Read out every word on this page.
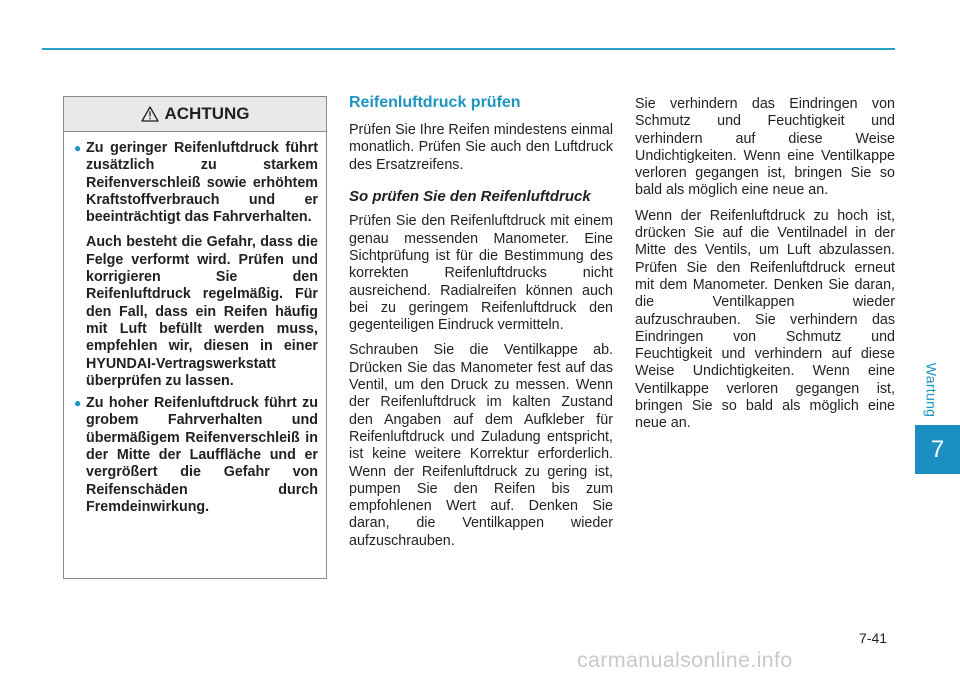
Wartung
7
ACHTUNG
● Zu geringer Reifenluftdruck führt zusätzlich zu starkem Reifenverschleiß sowie erhöhtem Kraftstoffverbrauch und er beeinträchtigt das Fahrverhalten.

Auch besteht die Gefahr, dass die Felge verformt wird. Prüfen und korrigieren Sie den Reifenluftdruck regelmäßig. Für den Fall, dass ein Reifen häufig mit Luft befüllt werden muss, empfehlen wir, diesen in einer HYUNDAI-Vertragswerkstatt überprüfen zu lassen.

● Zu hoher Reifenluftdruck führt zu grobem Fahrverhalten und übermäßigem Reifenverschleiß in der Mitte der Lauffläche und er vergrößert die Gefahr von Reifenschäden durch Fremdeinwirkung.

Reifenluftdruck prüfen

Prüfen Sie Ihre Reifen mindestens einmal monatlich. Prüfen Sie auch den Luftdruck des Ersatzreifens.

So prüfen Sie den Reifenluftdruck

Prüfen Sie den Reifenluftdruck mit einem genau messenden Manometer. Eine Sichtprüfung ist für die Bestimmung des korrekten Reifenluftdrucks nicht ausreichend. Radialreifen können auch bei zu geringem Reifenluftdruck den gegenteiligen Eindruck vermitteln.

Schrauben Sie die Ventilkappe ab. Drücken Sie das Manometer fest auf das Ventil, um den Druck zu messen. Wenn der Reifenluftdruck im kalten Zustand den Angaben auf dem Aufkleber für Reifenluftdruck und Zuladung entspricht, ist keine weitere Korrektur erforderlich. Wenn der Reifenluftdruck zu gering ist, pumpen Sie den Reifen bis zum empfohlenen Wert auf. Denken Sie daran, die Ventilkappen wieder aufzuschrauben.

Sie verhindern das Eindringen von Schmutz und Feuchtigkeit und verhindern auf diese Weise Undichtigkeiten. Wenn eine Ventilkappe verloren gegangen ist, bringen Sie so bald als möglich eine neue an.

Wenn der Reifenluftdruck zu hoch ist, drücken Sie auf die Ventilnadel in der Mitte des Ventils, um Luft abzulassen. Prüfen Sie den Reifenluftdruck erneut mit dem Manometer. Denken Sie daran, die Ventilkappen wieder aufzuschrauben. Sie verhindern das Eindringen von Schmutz und Feuchtigkeit und verhindern auf diese Weise Undichtigkeiten. Wenn eine Ventilkappe verloren gegangen ist, bringen Sie so bald als möglich eine neue an.

7-41
carmanualsonline.info
